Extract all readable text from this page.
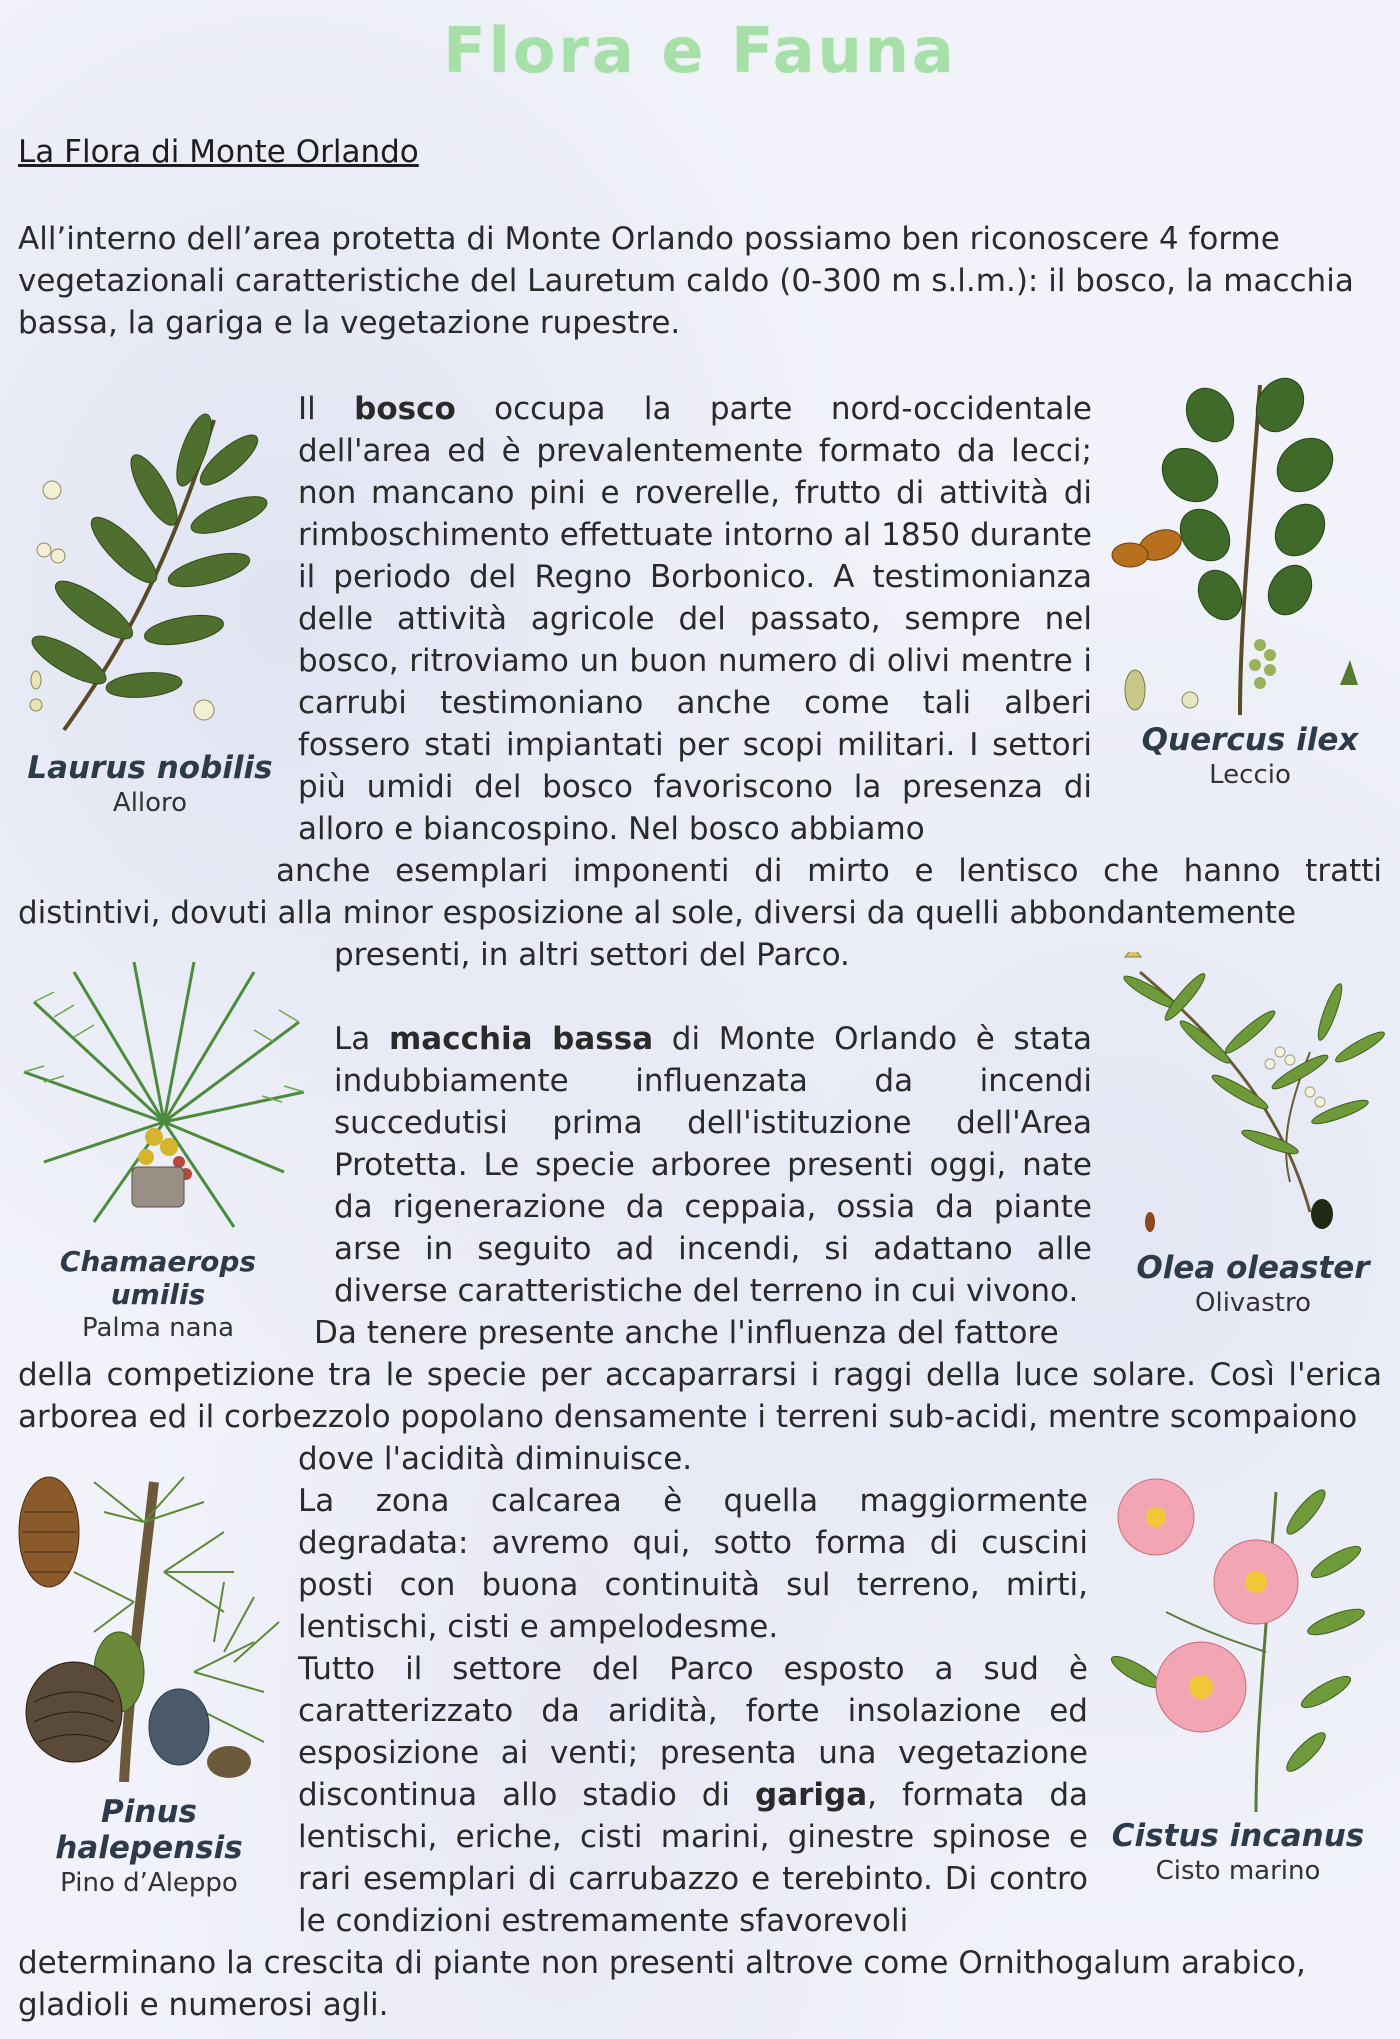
Flora e Fauna
La Flora di Monte Orlando

All’interno dell’area protetta di Monte Orlando possiamo ben riconoscere 4 forme vegetazionali caratteristiche del Lauretum caldo (0-300 m s.l.m.): il bosco, la macchia bassa, la gariga e la vegetazione rupestre.

Laurus nobilis
Alloro
Quercus ilex
Leccio

Il bosco occupa la parte nord-occidentale dell'area ed è prevalentemente formato da lecci; non mancano pini e roverelle, frutto di attività di rimboschimento effettuate intorno al 1850 durante il periodo del Regno Borbonico. A testimonianza delle attività agricole del passato, sempre nel bosco, ritroviamo un buon numero di olivi mentre i carrubi testimoniano anche come tali alberi fossero stati impiantati per scopi militari. I settori più umidi del bosco favoriscono la presenza di alloro e biancospino. Nel bosco abbiamo

anche esemplari imponenti di mirto e lentisco che hanno tratti distintivi, dovuti alla minor esposizione al sole, diversi da quelli abbondantemente

presenti, in altri settori del Parco.

Chamaerops umilis
Palma nana
Olea oleaster
Olivastro

La macchia bassa di Monte Orlando è stata indubbiamente influenzata da incendi succedutisi prima dell'istituzione dell'Area Protetta. Le specie arboree presenti oggi, nate da rigenerazione da ceppaia, ossia da piante arse in seguito ad incendi, si adattano alle diverse caratteristiche del terreno in cui vivono.

Da tenere presente anche l'influenza del fattore

della competizione tra le specie per accaparrarsi i raggi della luce solare. Così l'erica arborea ed il corbezzolo popolano densamente i terreni sub-acidi, mentre scompaiono

dove l'acidità diminuisce.

Pinus halepensis
Pino d’Aleppo
Cistus incanus
Cisto marino

La zona calcarea è quella maggiormente degradata: avremo qui, sotto forma di cuscini posti con buona continuità sul terreno, mirti, lentischi, cisti e ampelodesme.

Tutto il settore del Parco esposto a sud è caratterizzato da aridità, forte insolazione ed esposizione ai venti; presenta una vegetazione discontinua allo stadio di gariga, formata da lentischi, eriche, cisti marini, ginestre spinose e rari esemplari di carrubazzo e terebinto. Di contro le condizioni estremamente sfavorevoli

determinano la crescita di piante non presenti altrove come Ornithogalum arabico, gladioli e numerosi agli.
